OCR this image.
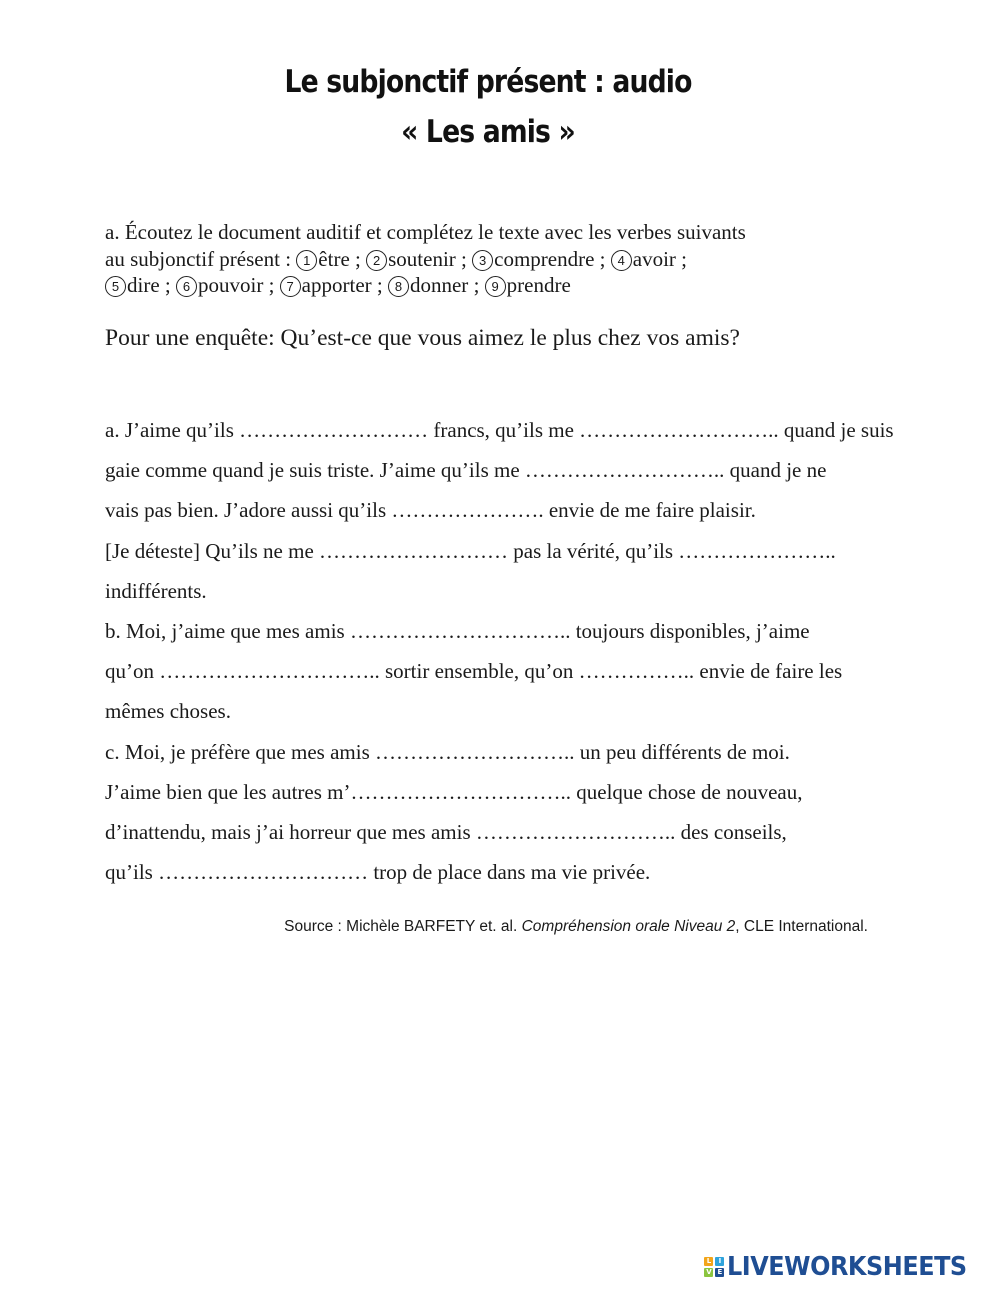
Le subjonctif présent : audio
« Les amis »
a. Écoutez le document auditif et complétez le texte avec les verbes suivants
au subjonctif présent : 1 être ; 2 soutenir ; 3 comprendre ; 4 avoir ;
5 dire ; 6 pouvoir ; 7 apporter ; 8 donner ; 9 prendre
Pour une enquête: Qu’est-ce que vous aimez le plus chez vos amis?
a. J’aime qu’ils ……………………… francs, qu’ils me ……………………….. quand je suis
gaie comme quand je suis triste. J’aime qu’ils me ……………………….. quand je ne
vais pas bien. J’adore aussi qu’ils …………………. envie de me faire plaisir.
[Je déteste] Qu’ils ne me ……………………… pas la vérité, qu’ils …………………..
indifférents.
b. Moi, j’aime que mes amis ………………………….. toujours disponibles, j’aime
qu’on ………………………….. sortir ensemble, qu’on …………….. envie de faire les
mêmes choses.
c. Moi, je préfère que mes amis ……………………….. un peu différents de moi.
J’aime bien que les autres m’………………………….. quelque chose de nouveau,
d’inattendu, mais j’ai horreur que mes amis ……………………….. des conseils,
qu’ils ………………………… trop de place dans ma vie privée.
Source : Michèle BARFETY et. al. Compréhension orale Niveau 2, CLE International.
L	I
V E LIVEWORKSHEETS
